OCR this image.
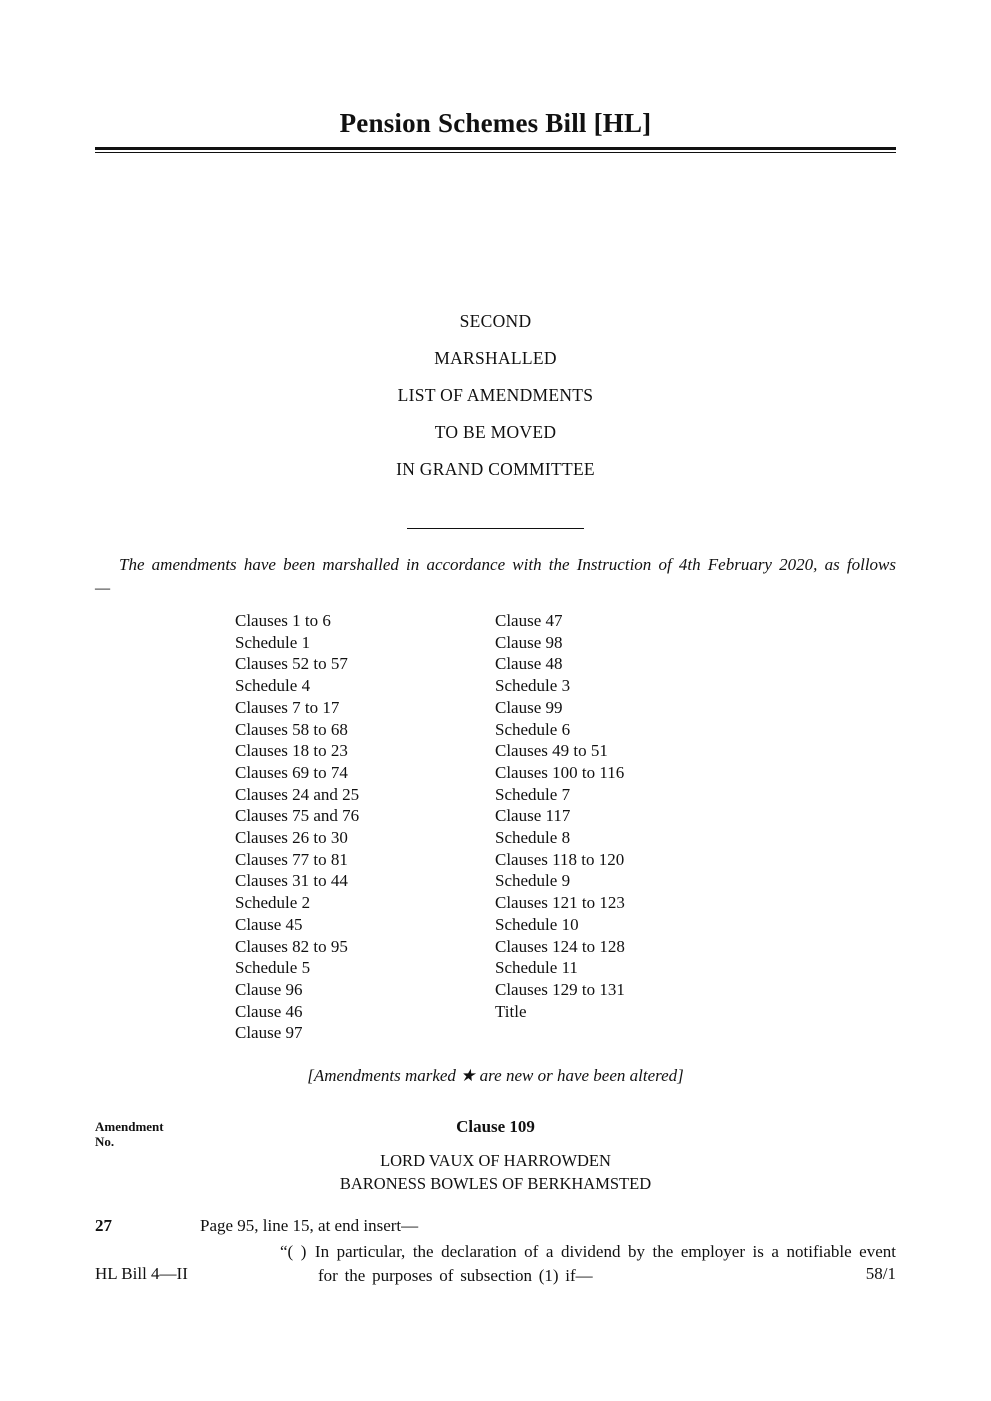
Pension Schemes Bill [HL]
SECOND
MARSHALLED
LIST OF AMENDMENTS
TO BE MOVED
IN GRAND COMMITTEE

The amendments have been marshalled in accordance with the Instruction of 4th February 2020, as follows—

Clauses 1 to 6
Schedule 1
Clauses 52 to 57
Schedule 4
Clauses 7 to 17
Clauses 58 to 68
Clauses 18 to 23
Clauses 69 to 74
Clauses 24 and 25
Clauses 75 and 76
Clauses 26 to 30
Clauses 77 to 81
Clauses 31 to 44
Schedule 2
Clause 45
Clauses 82 to 95
Schedule 5
Clause 96
Clause 46
Clause 97
Clause 47
Clause 98
Clause 48
Schedule 3
Clause 99
Schedule 6
Clauses 49 to 51
Clauses 100 to 116
Schedule 7
Clause 117
Schedule 8
Clauses 118 to 120
Schedule 9
Clauses 121 to 123
Schedule 10
Clauses 124 to 128
Schedule 11
Clauses 129 to 131
Title
[Amendments marked ★ are new or have been altered]
Amendment
No.
Clause 109
LORD VAUX OF HARROWDEN
BARONESS BOWLES OF BERKHAMSTED
27	Page 95, line 15, at end insert—
“( ) In particular, the declaration of a dividend by the employer is a notifiable event for the purposes of subsection (1) if—
HL Bill 4—II	58/1
